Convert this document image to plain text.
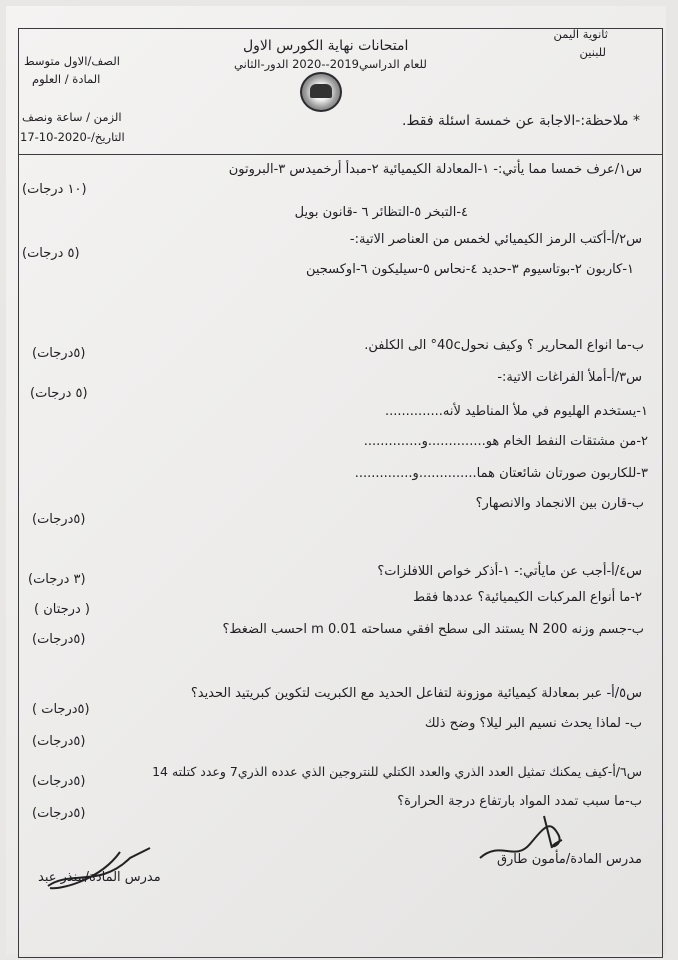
ثانوية اليمن
للبنين
امتحانات نهاية الكورس الاول
للعام الدراسي2019--2020 الدور-الثاني
الصف/الاول متوسط
المادة / العلوم
الزمن / ساعة ونصف
التاريخ/-2020-10-17
* ملاحظة:-الاجابة عن خمسة اسئلة فقط.
س١/عرف خمسا مما يأتي:- ١-المعادلة الكيميائية ٢-مبدأ أرخميدس ٣-البروتون
(١٠ درجات)
٤-التبخر ٥-التظائر ٦ -قانون بويل
س٢/أ-أكتب الرمز الكيميائي لخمس من العناصر الاتية:-
(٥ درجات)
١-كاربون ٢-بوتاسيوم ٣-حديد ٤-نحاس ٥-سيليكون ٦-اوكسجين
ب-ما انواع المحارير ؟ وكيف نحول40c° الى الكلفن.
(٥درجات)
س٣/أ-أملأ الفراغات الاتية:-
(٥ درجات)
١-يستخدم الهليوم في ملأ المناطيد لأنه..............
٢-من مشتقات النفط الخام هو..............و..............
٣-للكاربون صورتان شائعتان هما..............و..............
ب-قارن بين الانجماد والانصهار؟
(٥درجات)
س٤/أ-أجب عن مايأتي:- ١-أذكر خواص اللافلزات؟
(٣ درجات)
٢-ما أنواع المركبات الكيميائية؟ عددها فقط
( درجتان )
ب-جسم وزنه 200 N يستند الى سطح افقي مساحته 0.01 m احسب الضغط؟
(٥درجات)
س٥/أ- عبر بمعادلة كيميائية موزونة لتفاعل الحديد مع الكبريت لتكوين كبريتيد الحديد؟
(٥درجات )
ب- لماذا يحدث نسيم البر ليلا؟ وضح ذلك
(٥درجات)
س٦/أ-كيف يمكنك تمثيل العدد الذري والعدد الكتلي للنتروجين الذي عدده الذري7 وعدد كتلته 14
(٥درجات)
ب-ما سبب تمدد المواد بارتفاع درجة الحرارة؟
(٥درجات)
مدرس المادة/مأمون طارق
مدرس المادة/منذر عبد
